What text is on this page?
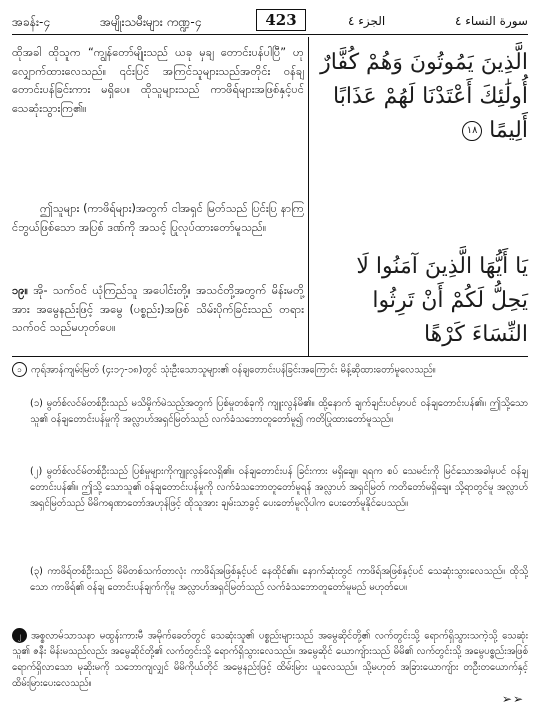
အခန်း-၄	အမျိုးသမီးများ ကဏ္ဍ-၄	423	الجزء ٤	سورة النساء ٤
ထိုအခါ ထိုသူက “ကျွန်တော်မျိုးသည် ယခု မှချ တောင်းပန်ပါပြီ” ဟု လျှောက်ထားလေသည်။ ၎င်းပြင် အကြင်သူများသည်အတိုင်း ဝန်ချတောင်းပန်ခြင်းကား မရှိပေ။ ထိုသူများသည် ကာဖိရ်များအဖြစ်နှင့်ပင် သေဆုံးသွားကြ၏။
ဤသူများ (ကာဖိရ်များ)အတွက် ငါအရှင် မြတ်သည် ပြင်းပြ နာကြင်ဘွယ်ဖြစ်သော အပြစ် ဒဏ်ကို အသင့် ပြုလုပ်ထားတော်မူသည်။
၁၉။ အို- သက်ဝင် ယုံကြည်သူ အပေါင်းတို့။ အသင်တို့အတွက် မိန်းမတို့အား အမွေနည်းဖြင့် အမွေ (ပစ္စည်း)အဖြစ် သိမ်းပိုက်ခြင်းသည် တရားသက်ဝင် သည်မဟုတ်ပေ။
الَّذِينَ يَمُوتُونَ وَهُمْ كُفَّارٌ أُولَٰئِكَ أَعْتَدْنَا لَهُمْ عَذَابًا أَلِيمًا ١٨
يَا أَيُّهَا الَّذِينَ آمَنُوا لَا يَحِلُّ لَكُمْ أَنْ تَرِثُوا النِّسَاءَ كَرْهًا
၁ ကုရ်အာန်ကျမ်းမြတ် (၄း၁၇-၁၈)တွင် သုံးဦးသောသူများ၏ ဝန်ချတောင်းပန်ခြင်းအကြောင်း မိန့်ဆိုထားတော်မူလေသည်။
(၁) မွတ်စ်လင်မ်တစ်ဦးသည် မသိမှိုက်မဲသည့်အတွက် ပြစ်မှုတစ်ခုကို ကျူးလွန်မိ၏။ ထို့နောက် ချက်ချင်းပင်မှာပင် ဝန်ချတောင်းပန်၏။ ဤသို့သောသူ၏ ဝန်ချတောင်းပန်မှုကို အလ္လာဟ်အရှင်မြတ်သည် လက်ခံသဘောတူတော်မူ၍ ကတိပြုထားတော်မူသည်။
(၂) မွတ်စ်လင်မ်တစ်ဦးသည် ပြစ်မှုများကိုကျူးလွန်လေရှိ၏။ ဝန်ချတောင်းပန် ခြင်းကား မရှိချေ။ ရရက စပ် သေမင်းကို မြင်သောအခါမှပင် ဝန်ချတောင်းပန်၏။ ဤသို့ သောသူ၏ ဝန်ချတောင်းပန်မှုကို လက်ခံသဘောတူတော်မူရန် အလ္လာဟ် အရှင်မြတ် ကတိတော်မရှိချေ။ သို့ရာတွင်မူ အလ္လာဟ်အရှင်မြတ်သည် မိမိကရုဏာတော်အဟုန်ဖြင့် ထိုသူအား ချမ်းသာခွင့် ပေးတော်မူလိုပါက ပေးတော်မူနိုင်ပေသည်။
(၃) ကာဖိရ်တစ်ဦးသည် မိမိတစ်သက်တာလုံး ကာဖိရ်အဖြစ်နှင့်ပင် နေထိုင်၏။ နောက်ဆုံးတွင် ကာဖိရ်အဖြစ်နှင့်ပင် သေဆုံးသွားလေသည်။ ထိုသို့သော ကာဖိရ်၏ ဝန်ချ တောင်းပန်ချက်ကိုမူ အလ္လာဟ်အရှင်မြတ်သည် လက်ခံသဘောတူတော်မူမည် မဟုတ်ပေ။
၂ အစ္စလာမ်သာသနာ မထွန်းကားမီ အမိုက်ခေတ်တွင် သေဆုံးသူ၏ ပစ္စည်းများသည် အမွေဆိုင်တို့၏ လက်တွင်းသို့ ရောက်ရှိသွားသကဲ့သို့ သေဆုံးသူ၏ ဇနီး မိန်းမသည်လည်း အမွေဆိုင်တို့၏ လက်တွင်းသို့ ရောက်ရှိသွားလေသည်။ အမွေဆိုင် ယောကျ်ားသည် မိမိ၏ လက်တွင်းသို့ အမွေပစ္စည်းအဖြစ် ရောက်ရှိလာသော မုဆိုးမကို သဘောကျလျှင် မိမိကိုယ်တိုင် အမွေနည်းဖြင့် ထိမ်းမြား ယူလေသည်။ သို့မဟုတ် အခြားယောကျ်ား တဦးတယောက်နှင့် ထိမ်းမြားပေးလေသည်။
➢➢
